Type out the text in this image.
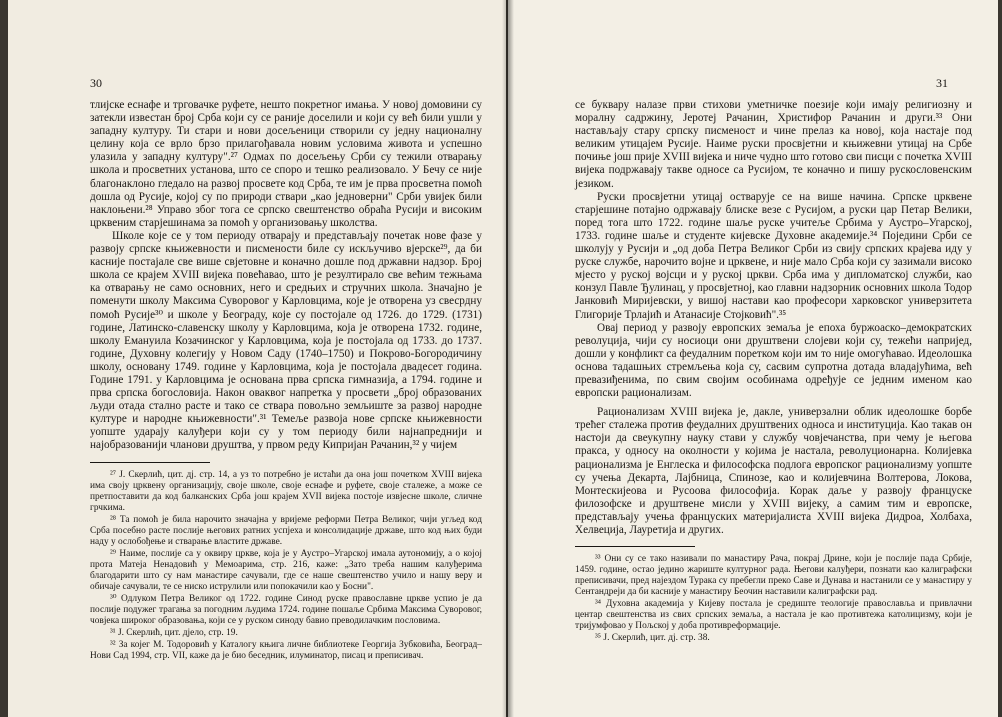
30

тлијске еснафе и трговачке руфете, нешто покретног имања. У новој домовини су затекли известан број Срба који су се раније доселили и који су већ били ушли у западну културу. Ти стари и нови досељеници створили су једну националну целину која се врло брзо прилагођавала новим условима живота и успешно улазила у западну културу".²⁷ Одмах по досељењу Срби су тежили отварању школа и просветних установа, што се споро и тешко реализовало. У Бечу се није благонаклоно гледало на развој просвете код Срба, те им је прва просветна помоћ дошла од Русије, којој су по природи ствари „као једноверни" Срби увијек били наклоњени.²⁸ Управо због тога се српско свештенство обраћа Русији и високим црквеним старјешинама за помоћ у организовању школства.

Школе које се у том периоду отварају и представљају почетак нове фазе у развоју српске књижевности и писмености биле су искључиво вјерске²⁹, да би касније постајале све више свјетовне и коначно дошле под државни надзор. Број школа се крајем XVIII вијека повећавао, што је резултирало све већим тежњама ка отварању не само основних, него и средњих и стручних школа. Значајно је поменути школу Максима Суворовог у Карловцима, које је отворена уз свесрдну помоћ Русије³⁰ и школе у Београду, које су постојале од 1726. до 1729. (1731) године, Латинско-славенску школу у Карловцима, која је отворена 1732. године, школу Емануила Козачинског у Карловцима, која је постојала од 1733. до 1737. године, Духовну колегију у Новом Саду (1740–1750) и Покрово-Богородичину школу, основану 1749. године у Карловцима, која је постојала двадесет година. Године 1791. у Карловцима је основана прва српска гимназија, а 1794. године и прва српска богословија. Након оваквог напретка у просвети „број образованих људи отада стално расте и тако се ствара повољно земљиште за развој народне културе и народне књижевности".³¹ Темеље развоја нове српске књижевности уопште ударају калуђери који су у том периоду били најнапреднији и најобразованији чланови друштва, у првом реду Кипријан Рачанин,³² у чијем

²⁷ Ј. Скерлић, цит. дј. стр. 14, а уз то потребно је истаћи да она још почетком XVIII вијека има своју црквену организацију, своје школе, своје еснафе и руфете, своје сталеже, а може се претпоставити да код балканских Срба још крајем XVII вијека постоје извјесне школе, сличне грчкима.

²⁸ Та помоћ је била нарочито значајна у вријеме реформи Петра Великог, чији угљед код Срба посебно расте послије његових ратних успјеха и консолидације државе, што код њих буди наду у ослобођење и стварање властите државе.

²⁹ Наиме, послије са у оквиру цркве, која је у Аустро–Угарској имала аутономију, а о којој прота Матеја Ненадовић у Мемоарима, стр. 216, каже: „Зато треба нашим калуђерима благодарити што су нам манастире сачували, где се наше свештенство учило и нашу веру и обичаје сачували, те се ниско иструлили или попокачили као у Босни".

³⁰ Одлуком Петра Великог од 1722. године Синод руске православне цркве успио је да послије подужег трагања за погодним људима 1724. године пошаље Србима Максима Суворовог, човјека широког образовања, који се у руском синоду бавио преводилачким пословима.

³¹ Ј. Скерлић, цит. дјело, стр. 19.

³² За којег М. Тодоровић у Каталогу књига личне библиотеке Георгија Зубковића, Београд–Нови Сад 1994, стр. VII, каже да је био беседник, илуминатор, писац и преписивач.

31

се буквару налазе први стихови уметничке поезије који имају религиозну и моралну садржину, Јеротеј Рачанин, Христифор Рачанин и други.³³ Они настављају стару српску писменост и чине прелаз ка новој, која настаје под великим утицајем Русије. Наиме руски просвјетни и књижевни утицај на Србе почиње још прије XVIII вијека и ниче чудно што готово сви писци с почетка XVIII вијека подржавају такве односе са Русијом, те коначно и пишу рускословенским језиком.

Руски просвјетни утицај остварује се на више начина. Српске црквене старјешине потајно одржавају блиске везе с Русијом, а руски цар Петар Велики, поред тога што 1722. године шаље руске учитеље Србима у Аустро–Угарској, 1733. године шаље и студенте кијевске Духовне академије.³⁴ Поједини Срби се школују у Русији и „од доба Петра Великог Срби из свију српских крајева иду у руске службе, нарочито војне и црквене, и није мало Срба који су зазимали високо мјесто у руској војсци и у руској цркви. Срба има у дипломатској служби, као конзул Павле Ђулинац, у просвјетној, као главни надзорник основних школа Тодор Јанковић Миријевски, у вишој настави као професори харковског универзитета Глигорије Трлајић и Атанасије Стојковић".³⁵

Овај период у развоју европских земаља је епоха буржоаско–демократских револуција, чији су носиоци они друштвени слојеви који су, тежећи напријед, дошли у конфликт са феудалним поретком који им то није омогућавао. Идеолошка основа тадашњих стремљења која су, сасвим супротна дотада владајућима, већ превазиђенима, по свим својим особинама одређује се једним именом као европски рационализам.

Рационализам XVIII вијека је, дакле, универзални облик идеолошке борбе трећег сталежа против феудалних друштвених односа и институција. Као такав он настоји да свеукупну науку стави у службу човјечанства, при чему је његова пракса, у односу на околности у којима је настала, револуционарна. Колијевка рационализма је Енглеска и философска подлога европског рационализму уопште су учења Декарта, Лајбница, Спинозе, као и колијевчина Волтерова, Локова, Монтескијеова и Русоова философија. Корак даље у развоју француске филозофске и друштвене мисли у XVIII вијеку, а самим тим и европске, представљају учења француских материјалиста XVIII вијека Дидроа, Холбаха, Хелвеција, Лауретија и других.

³³ Они су се тако називали по манастиру Рача, покрај Дрине, који је послије пада Србије, 1459. године, остао једино жариште културног рада. Његови калуђери, познати као калиграфски преписивачи, пред најездом Турака су пребегли преко Саве и Дунава и настанили се у манастиру у Сентандреји да би касније у манастиру Беочин наставили калиграфски рад.

³⁴ Духовна академија у Кијеву постала је средиште теологије православља и привлачни центар свештенства из свих српских земаља, а настала је као противтежа католицизму, који је тријумфовао у Пољској у доба противреформације.

³⁵ Ј. Скерлић, цит. дј. стр. 38.
